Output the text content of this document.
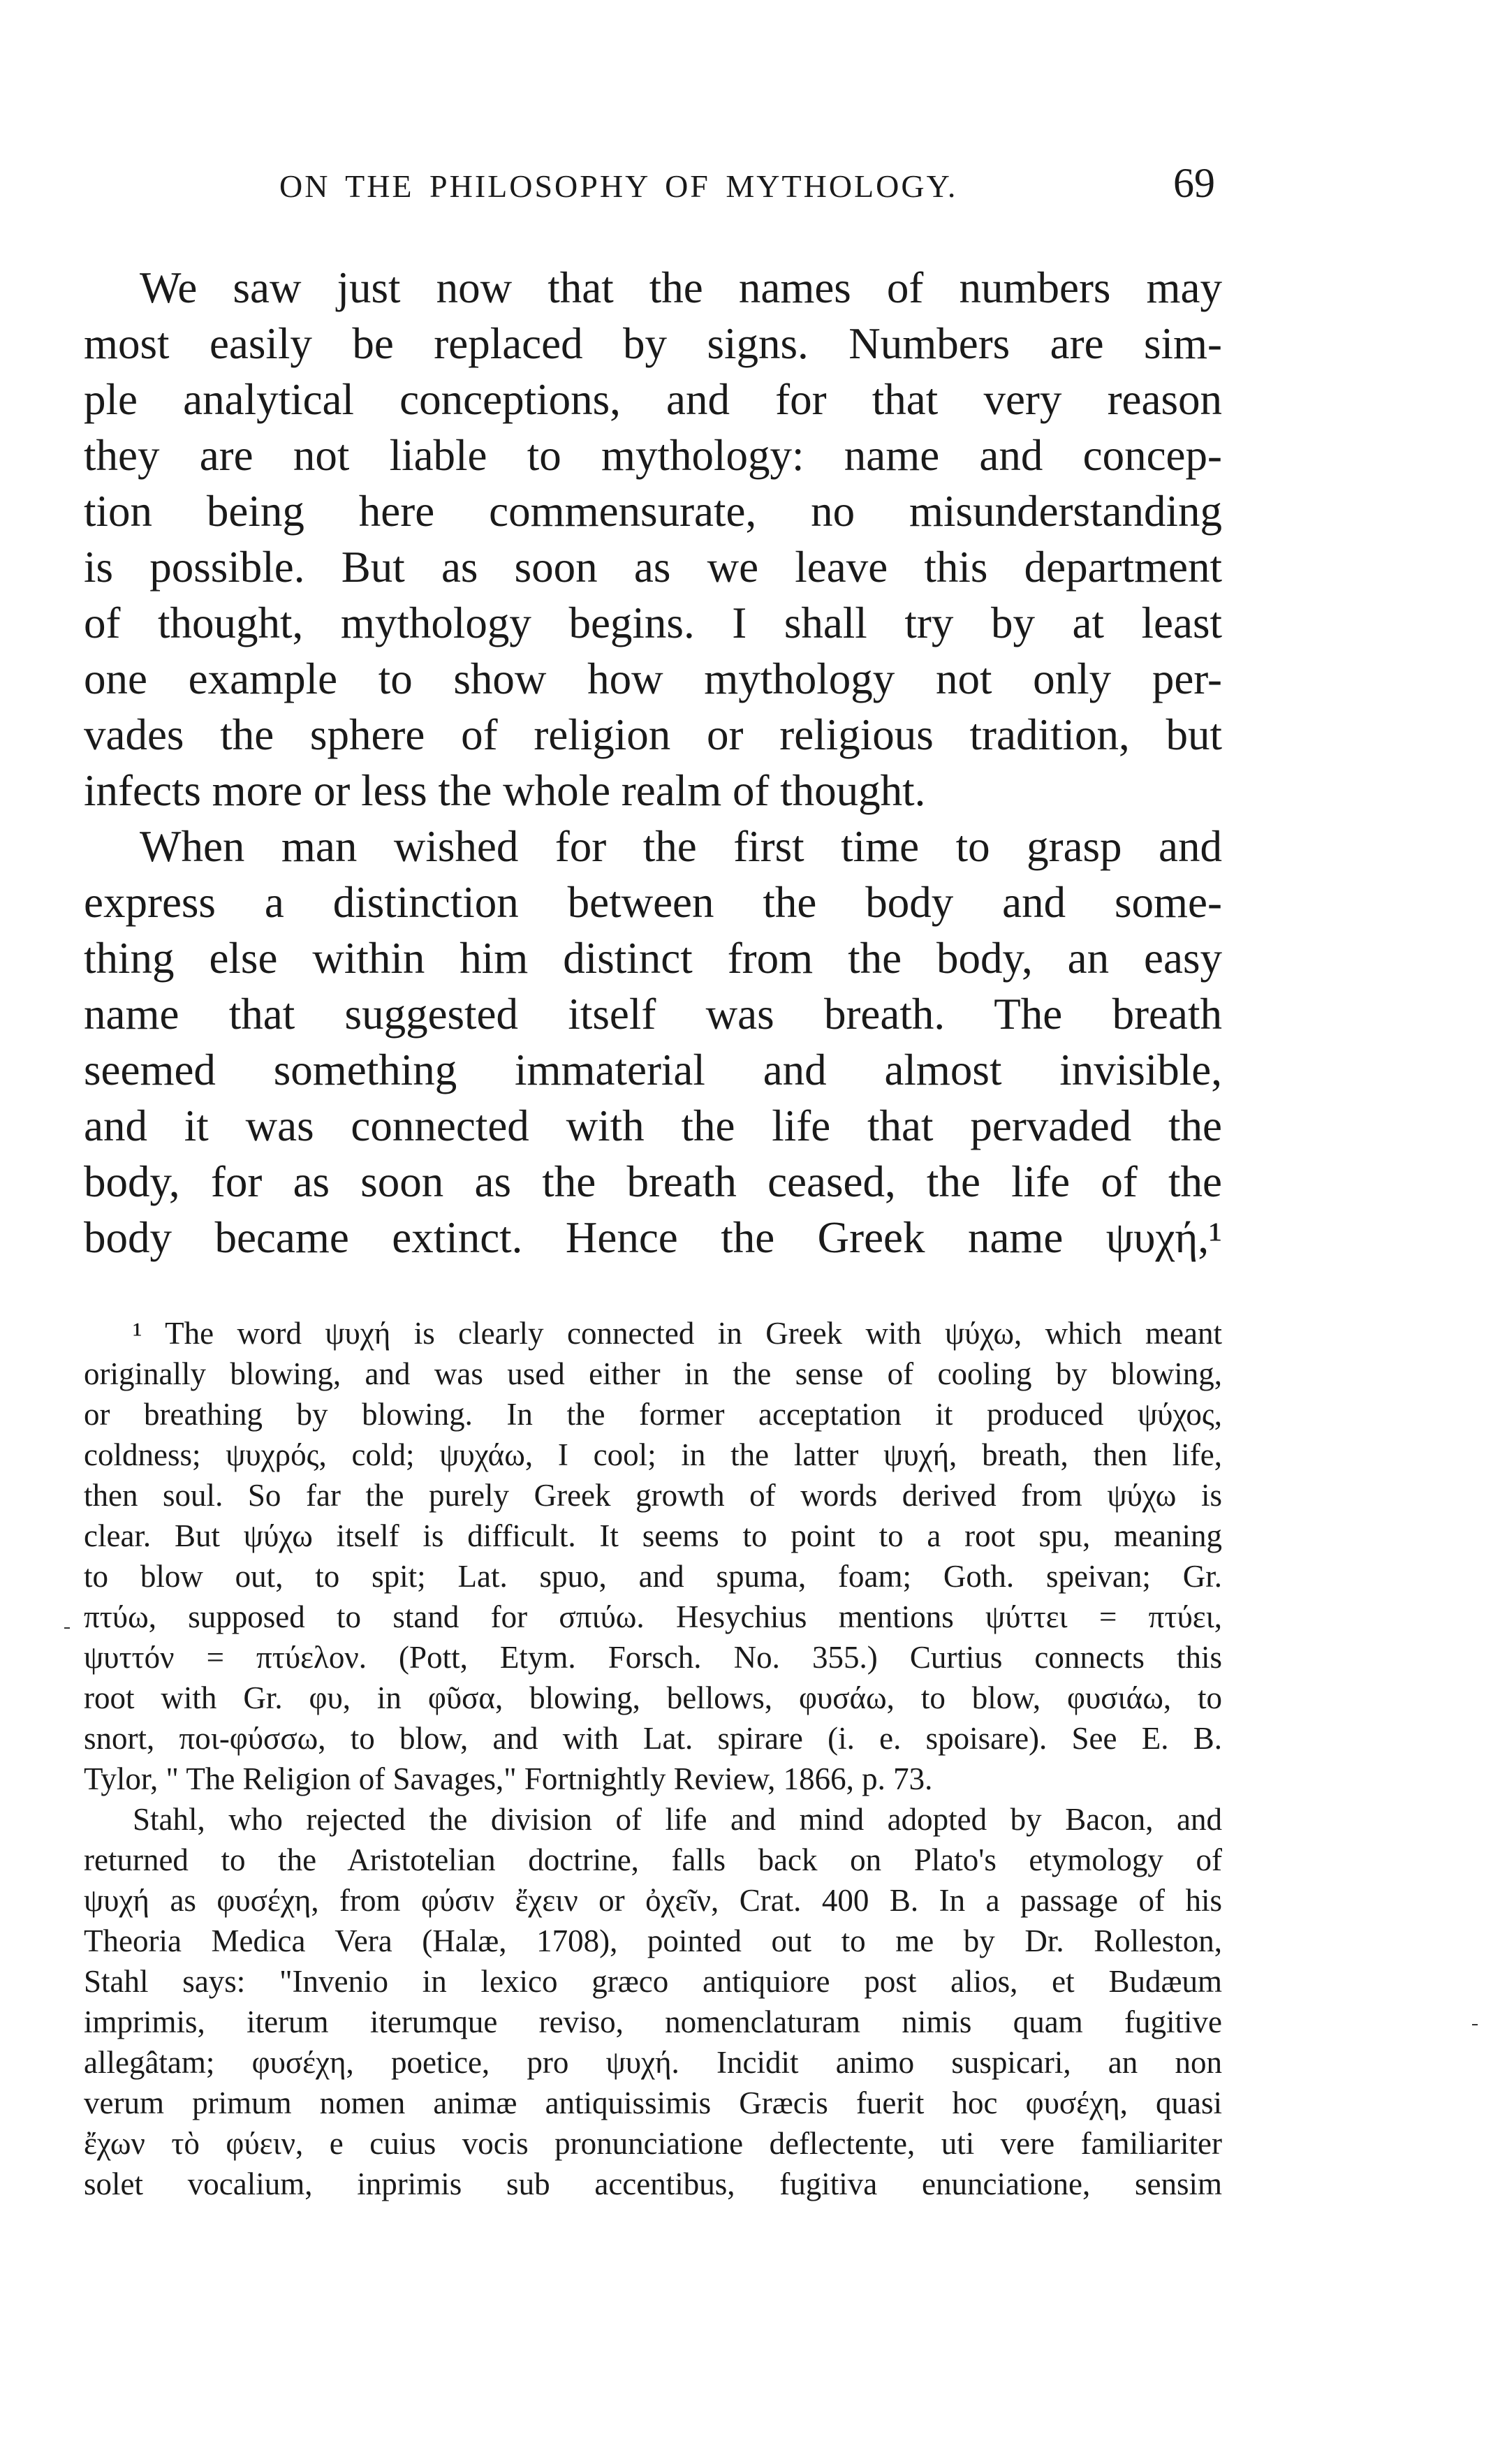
ON THE PHILOSOPHY OF MYTHOLOGY.	69
We saw just now that the names of numbers may
most easily be replaced by signs. Numbers are sim-
ple analytical conceptions, and for that very reason
they are not liable to mythology: name and concep-
tion being here commensurate, no misunderstanding
is possible. But as soon as we leave this department
of thought, mythology begins. I shall try by at least
one example to show how mythology not only per-
vades the sphere of religion or religious tradition, but
infects more or less the whole realm of thought.
When man wished for the first time to grasp and
express a distinction between the body and some-
thing else within him distinct from the body, an easy
name that suggested itself was breath. The breath
seemed something immaterial and almost invisible,
and it was connected with the life that pervaded the
body, for as soon as the breath ceased, the life of the
body became extinct. Hence the Greek name ψυχή,¹
¹ The word ψυχή is clearly connected in Greek with ψύχω, which meant
originally blowing, and was used either in the sense of cooling by blowing,
or breathing by blowing. In the former acceptation it produced ψύχος,
coldness; ψυχρός, cold; ψυχάω, I cool; in the latter ψυχή, breath, then life,
then soul. So far the purely Greek growth of words derived from ψύχω is
clear. But ψύχω itself is difficult. It seems to point to a root spu, meaning
to blow out, to spit; Lat. spuo, and spuma, foam; Goth. speivan; Gr.
πτύω, supposed to stand for σπιύω. Hesychius mentions ψύττει = πτύει,
ψυττόν = πτύελον. (Pott, Etym. Forsch. No. 355.) Curtius connects this
root with Gr. φυ, in φῦσα, blowing, bellows, φυσάω, to blow, φυσιάω, to
snort, ποι-φύσσω, to blow, and with Lat. spirare (i. e. spoisare). See E. B.
Tylor, " The Religion of Savages," Fortnightly Review, 1866, p. 73.
Stahl, who rejected the division of life and mind adopted by Bacon, and
returned to the Aristotelian doctrine, falls back on Plato's etymology of
ψυχή as φυσέχη, from φύσιν ἔχειν or ὀχεῖν, Crat. 400 B. In a passage of his
Theoria Medica Vera (Halæ, 1708), pointed out to me by Dr. Rolleston,
Stahl says: "Invenio in lexico græco antiquiore post alios, et Budæum
imprimis, iterum iterumque reviso, nomenclaturam nimis quam fugitive
allegâtam; φυσέχη, poetice, pro ψυχή. Incidit animo suspicari, an non
verum primum nomen animæ antiquissimis Græcis fuerit hoc φυσέχη, quasi
ἔχων τὸ φύειν, e cuius vocis pronunciatione deflectente, uti vere familiariter
solet vocalium, inprimis sub accentibus, fugitiva enunciatione, sensim
